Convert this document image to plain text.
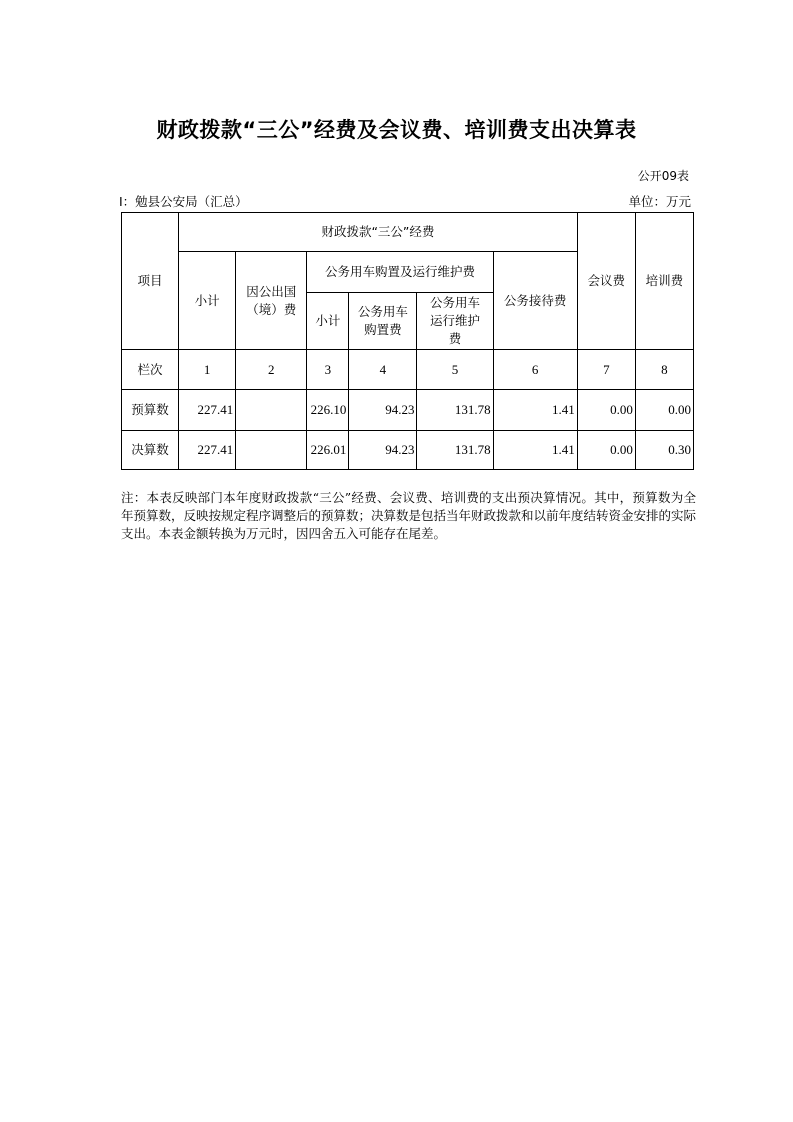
财政拨款“三公”经费及会议费、培训费支出决算表
公开09表
I：勉县公安局（汇总）	单位：万元
项目	财政拨款“三公”经费						会议费	培训费
	小计	因公出国（境）费	公务用车购置及运行维护费			公务接待费		
			小计	公务用车购置费	公务用车运行维护费			
栏次	1	2	3	4	5	6	7	8
预算数	227.41		226.10	94.23	131.78	1.41	0.00	0.00
决算数	227.41		226.01	94.23	131.78	1.41	0.00	0.30
注：本表反映部门本年度财政拨款“三公”经费、会议费、培训费的支出预决算情况。其中，预算数为全年预算数，反映按规定程序调整后的预算数；决算数是包括当年财政拨款和以前年度结转资金安排的实际支出。本表金额转换为万元时，因四舍五入可能存在尾差。
